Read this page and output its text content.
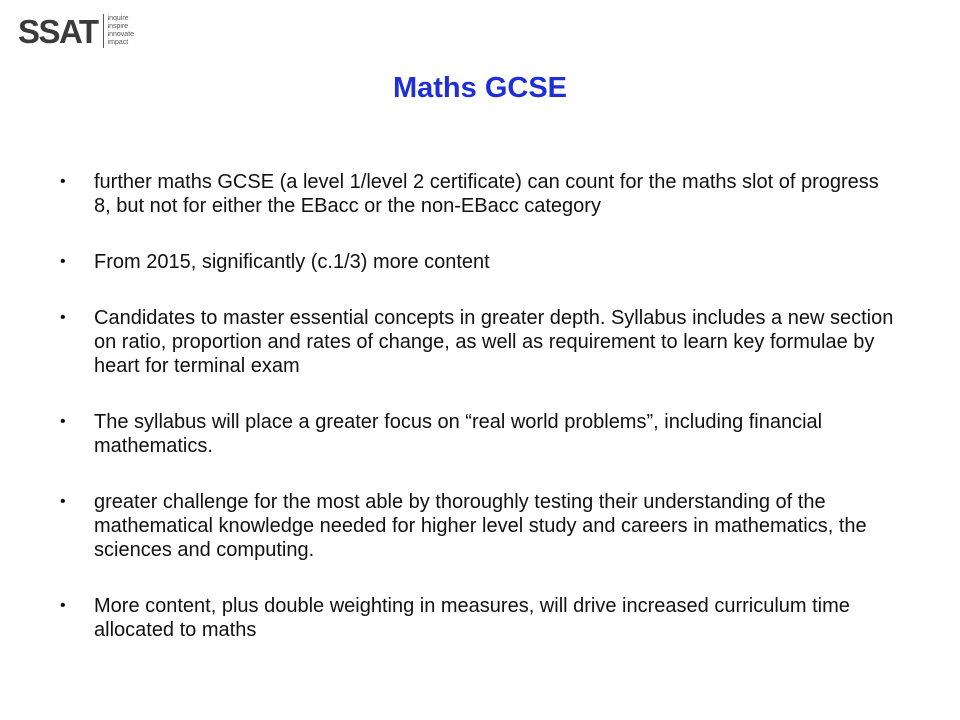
SSAT inquire
inspire
innovate
impact
Maths GCSE
•	further maths GCSE (a level 1/level 2 certificate) can count for the maths slot of progress 8, but not for either the EBacc or the non-EBacc category
•	From 2015, significantly (c.1/3) more content
•	Candidates to master essential concepts in greater depth. Syllabus includes a new section on ratio, proportion and rates of change, as well as requirement to learn key formulae by heart for terminal exam
•	The syllabus will place a greater focus on “real world problems”, including financial mathematics.
•	greater challenge for the most able by thoroughly testing their understanding of the mathematical knowledge needed for higher level study and careers in mathematics, the sciences and computing.
•	More content, plus double weighting in measures, will drive increased curriculum time allocated to maths
